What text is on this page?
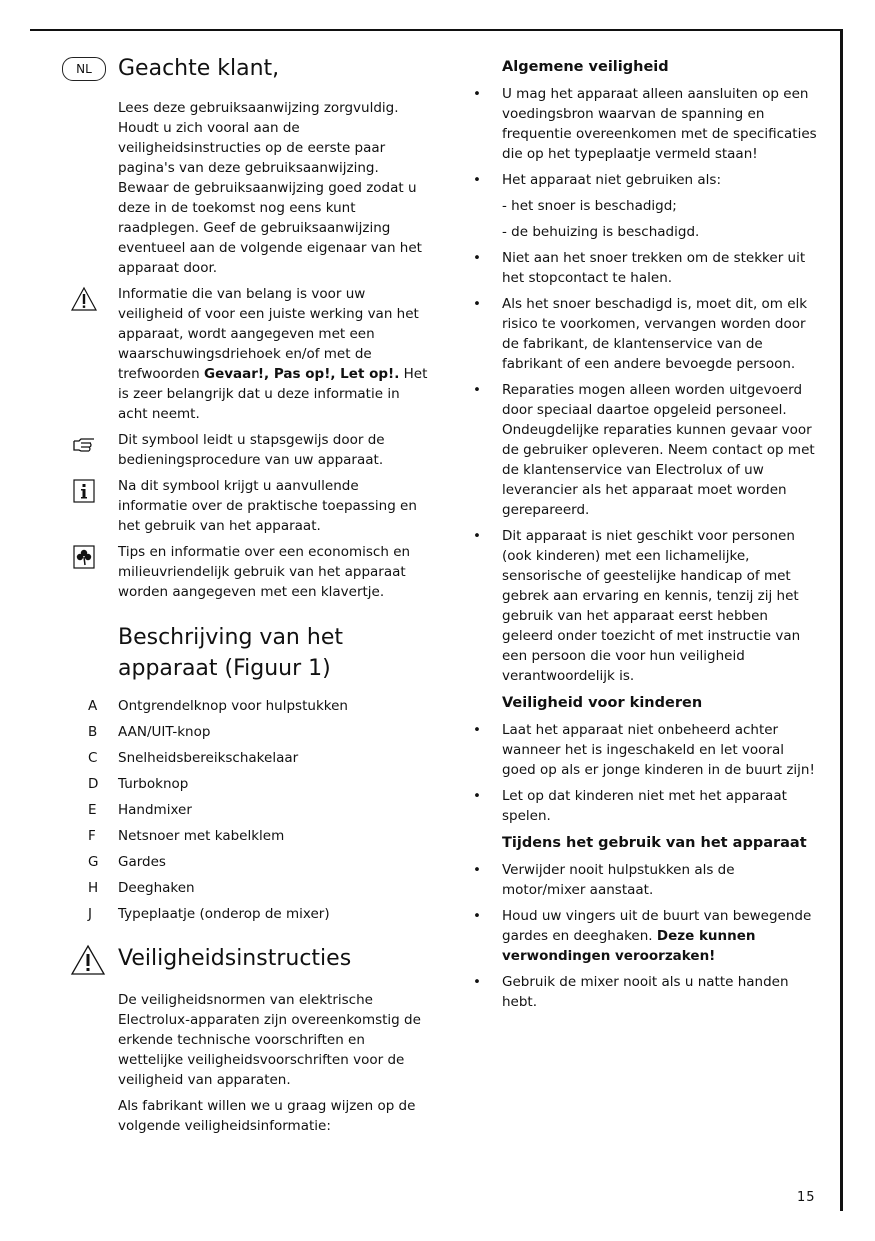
NL	Geachte klant,

Lees deze gebruiksaanwijzing zorgvuldig. Houdt u zich vooral aan de veiligheidsinstructies op de eerste paar pagina's van deze gebruiksaanwijzing. Bewaar de gebruiksaanwijzing goed zodat u deze in de toekomst nog eens kunt raadplegen. Geef de gebruiksaanwijzing eventueel aan de volgende eigenaar van het apparaat door.

Informatie die van belang is voor uw veiligheid of voor een juiste werking van het apparaat, wordt aangegeven met een waarschuwingsdriehoek en/of met de trefwoorden Gevaar!, Pas op!, Let op!. Het is zeer belangrijk dat u deze informatie in acht neemt.

Dit symbool leidt u stapsgewijs door de bedieningsprocedure van uw apparaat.

Na dit symbool krijgt u aanvullende informatie over de praktische toepassing en het gebruik van het apparaat.

Tips en informatie over een economisch en milieuvriendelijk gebruik van het apparaat worden aangegeven met een klavertje.

Beschrijving van het
apparaat (Figuur 1)
A Ontgrendelknop voor hulpstukken
B AAN/UIT-knop
C Snelheidsbereikschakelaar
D Turboknop
E Handmixer
F Netsnoer met kabelklem
G Gardes
H Deeghaken
J Typeplaatje (onderop de mixer)
Veiligheidsinstructies

De veiligheidsnormen van elektrische Electrolux-apparaten zijn overeenkomstig de erkende technische voorschriften en wettelijke veiligheidsvoorschriften voor de veiligheid van apparaten.

Als fabrikant willen we u graag wijzen op de volgende veiligheidsinformatie:

Algemene veiligheid
• U mag het apparaat alleen aansluiten op een voedingsbron waarvan de spanning en frequentie overeenkomen met de specificaties die op het typeplaatje vermeld staan!
• Het apparaat niet gebruiken als:
- het snoer is beschadigd;
- de behuizing is beschadigd.
• Niet aan het snoer trekken om de stekker uit het stopcontact te halen.
• Als het snoer beschadigd is, moet dit, om elk risico te voorkomen, vervangen worden door de fabrikant, de klantenservice van de fabrikant of een andere bevoegde persoon.
• Reparaties mogen alleen worden uitgevoerd door speciaal daartoe opgeleid personeel. Ondeugdelijke reparaties kunnen gevaar voor de gebruiker opleveren. Neem contact op met de klantenservice van Electrolux of uw leverancier als het apparaat moet worden gerepareerd.
• Dit apparaat is niet geschikt voor personen (ook kinderen) met een lichamelijke, sensorische of geestelijke handicap of met gebrek aan ervaring en kennis, tenzij zij het gebruik van het apparaat eerst hebben geleerd onder toezicht of met instructie van een persoon die voor hun veiligheid verantwoordelijk is.
Veiligheid voor kinderen
• Laat het apparaat niet onbeheerd achter wanneer het is ingeschakeld en let vooral goed op als er jonge kinderen in de buurt zijn!
• Let op dat kinderen niet met het apparaat spelen.
Tijdens het gebruik van het apparaat
• Verwijder nooit hulpstukken als de motor/mixer aanstaat.
• Houd uw vingers uit de buurt van bewegende gardes en deeghaken. Deze kunnen verwondingen veroorzaken!
• Gebruik de mixer nooit als u natte handen hebt.
15
